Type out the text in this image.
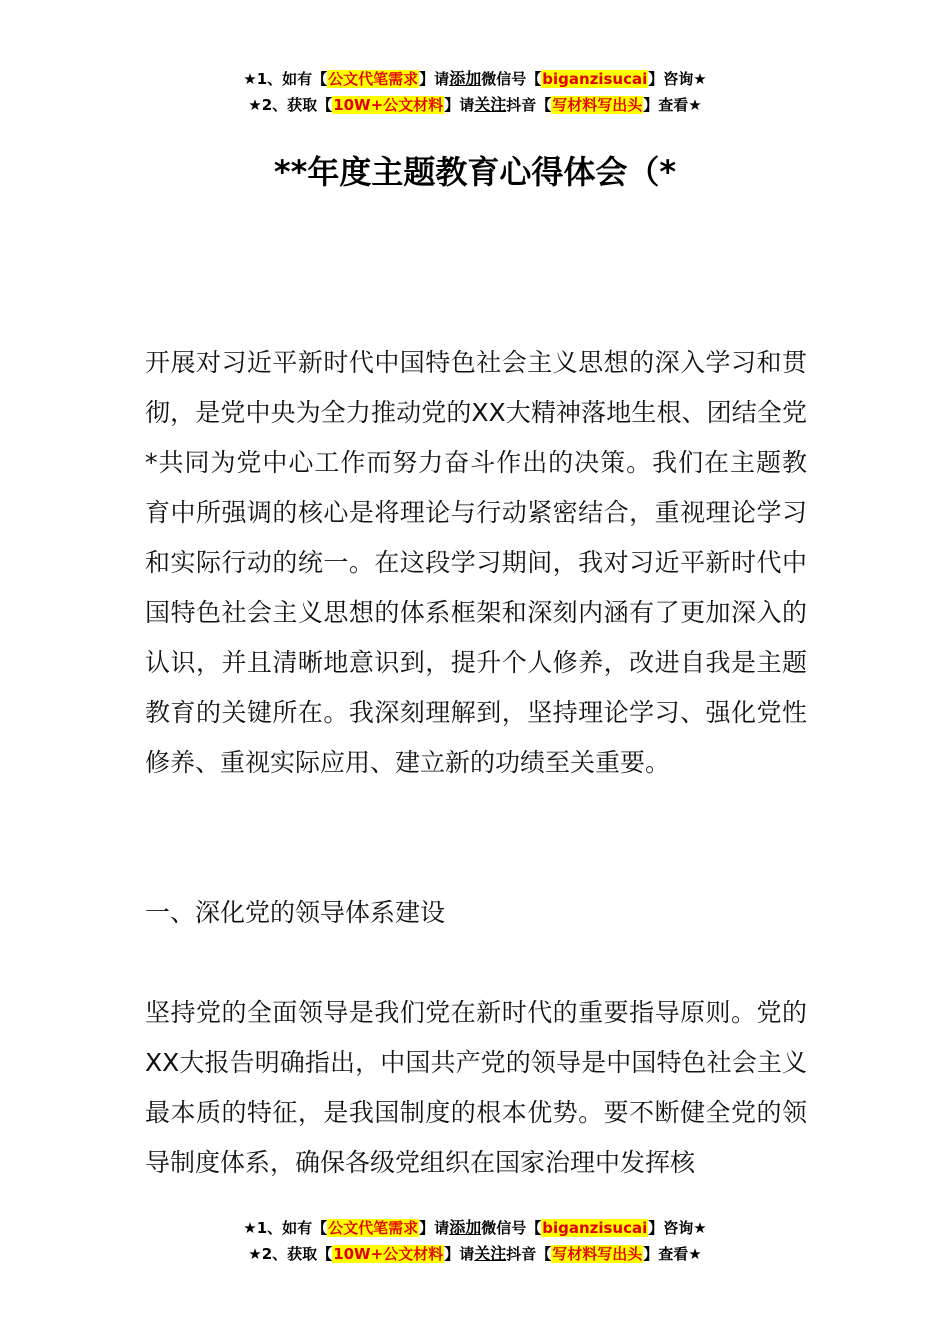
★1、如有【公文代笔需求】请添加微信号【biganzisucai】咨询★
★2、获取【10W+公文材料】请关注抖音【写材料写出头】查看★
**年度主题教育心得体会（*

开展对习近平新时代中国特色社会主义思想的深入学习和贯彻，是党中央为全力推动党的XX大精神落地生根、团结全党*共同为党中心工作而努力奋斗作出的决策。我们在主题教育中所强调的核心是将理论与行动紧密结合，重视理论学习和实际行动的统一。在这段学习期间，我对习近平新时代中国特色社会主义思想的体系框架和深刻内涵有了更加深入的认识，并且清晰地意识到，提升个人修养，改进自我是主题教育的关键所在。我深刻理解到，坚持理论学习、强化党性修养、重视实际应用、建立新的功绩至关重要。

一、深化党的领导体系建设

坚持党的全面领导是我们党在新时代的重要指导原则。党的XX大报告明确指出，中国共产党的领导是中国特色社会主义最本质的特征，是我国制度的根本优势。要不断健全党的领导制度体系，确保各级党组织在国家治理中发挥核

★1、如有【公文代笔需求】请添加微信号【biganzisucai】咨询★
★2、获取【10W+公文材料】请关注抖音【写材料写出头】查看★
